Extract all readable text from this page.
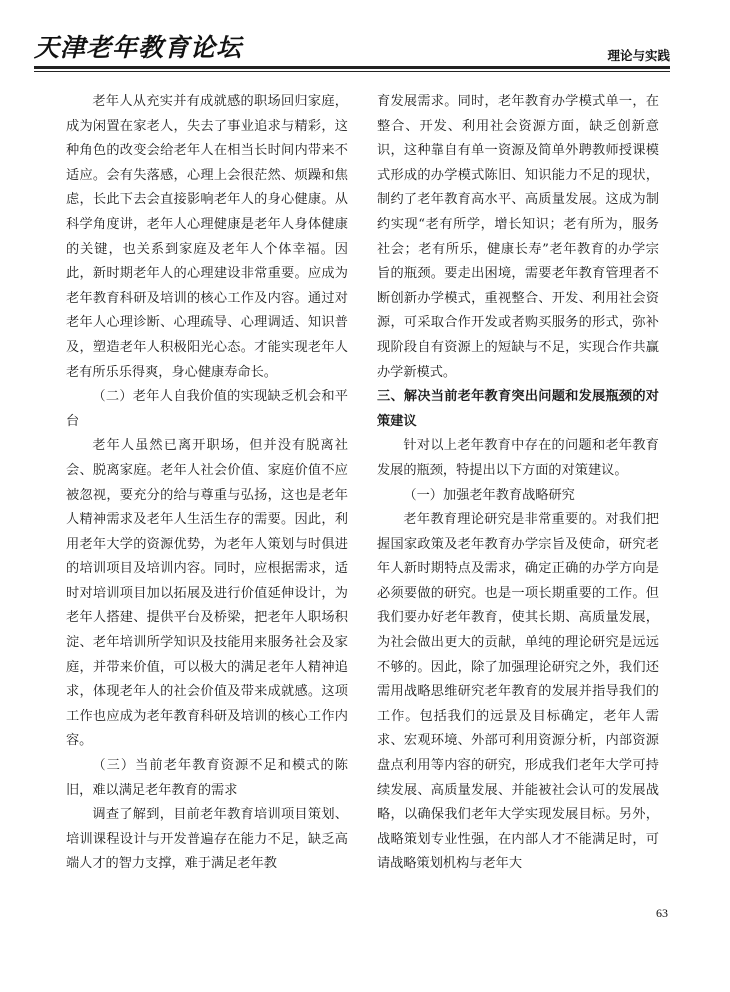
天津老年教育论坛	理论与实践

老年人从充实并有成就感的职场回归家庭，成为闲置在家老人，失去了事业追求与精彩，这种角色的改变会给老年人在相当长时间内带来不适应。会有失落感，心理上会很茫然、烦躁和焦虑，长此下去会直接影响老年人的身心健康。从科学角度讲，老年人心理健康是老年人身体健康的关键，也关系到家庭及老年人个体幸福。因此，新时期老年人的心理建设非常重要。应成为老年教育科研及培训的核心工作及内容。通过对老年人心理诊断、心理疏导、心理调适、知识普及，塑造老年人积极阳光心态。才能实现老年人老有所乐乐得爽，身心健康寿命长。

（二）老年人自我价值的实现缺乏机会和平台

老年人虽然已离开职场，但并没有脱离社会、脱离家庭。老年人社会价值、家庭价值不应被忽视，要充分的给与尊重与弘扬，这也是老年人精神需求及老年人生活生存的需要。因此，利用老年大学的资源优势，为老年人策划与时俱进的培训项目及培训内容。同时，应根据需求，适时对培训项目加以拓展及进行价值延伸设计，为老年人搭建、提供平台及桥梁，把老年人职场积淀、老年培训所学知识及技能用来服务社会及家庭，并带来价值，可以极大的满足老年人精神追求，体现老年人的社会价值及带来成就感。这项工作也应成为老年教育科研及培训的核心工作内容。

（三）当前老年教育资源不足和模式的陈旧，难以满足老年教育的需求

调查了解到，目前老年教育培训项目策划、培训课程设计与开发普遍存在能力不足，缺乏高端人才的智力支撑，难于满足老年教

育发展需求。同时，老年教育办学模式单一，在整合、开发、利用社会资源方面，缺乏创新意识，这种靠自有单一资源及简单外聘教师授课模式形成的办学模式陈旧、知识能力不足的现状，制约了老年教育高水平、高质量发展。这成为制约实现“老有所学，增长知识；老有所为，服务社会；老有所乐，健康长寿”老年教育的办学宗旨的瓶颈。要走出困境，需要老年教育管理者不断创新办学模式，重视整合、开发、利用社会资源，可采取合作开发或者购买服务的形式，弥补现阶段自有资源上的短缺与不足，实现合作共赢办学新模式。

三、解决当前老年教育突出问题和发展瓶颈的对策建议

针对以上老年教育中存在的问题和老年教育发展的瓶颈，特提出以下方面的对策建议。

（一）加强老年教育战略研究

老年教育理论研究是非常重要的。对我们把握国家政策及老年教育办学宗旨及使命，研究老年人新时期特点及需求，确定正确的办学方向是必须要做的研究。也是一项长期重要的工作。但我们要办好老年教育，使其长期、高质量发展，为社会做出更大的贡献，单纯的理论研究是远远不够的。因此，除了加强理论研究之外，我们还需用战略思维研究老年教育的发展并指导我们的工作。包括我们的远景及目标确定，老年人需求、宏观环境、外部可利用资源分析，内部资源盘点利用等内容的研究，形成我们老年大学可持续发展、高质量发展、并能被社会认可的发展战略，以确保我们老年大学实现发展目标。另外，战略策划专业性强，在内部人才不能满足时，可请战略策划机构与老年大

63
